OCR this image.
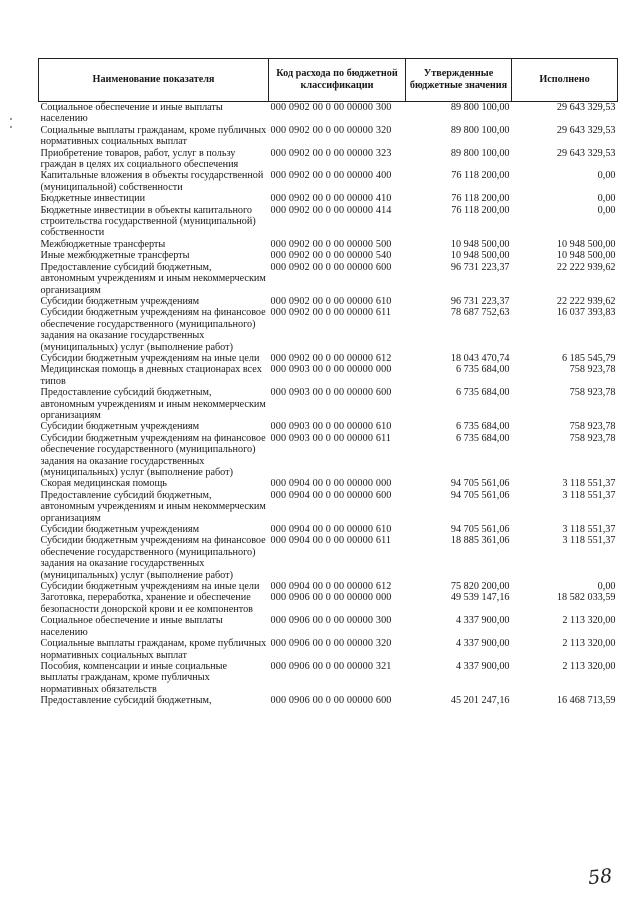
Наименование показателя	Код расхода по бюджетной классификации	Утвержденные бюджетные значения	Исполнено
Социальное обеспечение и иные выплаты населению	000 0902 00 0 00 00000 300	89 800 100,00	29 643 329,53
Социальные выплаты гражданам, кроме публичных нормативных социальных выплат	000 0902 00 0 00 00000 320	89 800 100,00	29 643 329,53
Приобретение товаров, работ, услуг в пользу граждан в целях их социального обеспечения	000 0902 00 0 00 00000 323	89 800 100,00	29 643 329,53
Капитальные вложения в объекты государственной (муниципальной) собственности	000 0902 00 0 00 00000 400	76 118 200,00	0,00
Бюджетные инвестиции	000 0902 00 0 00 00000 410	76 118 200,00	0,00
Бюджетные инвестиции в объекты капитального строительства государственной (муниципальной) собственности	000 0902 00 0 00 00000 414	76 118 200,00	0,00
Межбюджетные трансферты	000 0902 00 0 00 00000 500	10 948 500,00	10 948 500,00
Иные межбюджетные трансферты	000 0902 00 0 00 00000 540	10 948 500,00	10 948 500,00
Предоставление субсидий бюджетным, автономным учреждениям и иным некоммерческим организациям	000 0902 00 0 00 00000 600	96 731 223,37	22 222 939,62
Субсидии бюджетным учреждениям	000 0902 00 0 00 00000 610	96 731 223,37	22 222 939,62
Субсидии бюджетным учреждениям на финансовое обеспечение государственного (муниципального) задания на оказание государственных (муниципальных) услуг (выполнение работ)	000 0902 00 0 00 00000 611	78 687 752,63	16 037 393,83
Субсидии бюджетным учреждениям на иные цели	000 0902 00 0 00 00000 612	18 043 470,74	6 185 545,79
Медицинская помощь в дневных стационарах всех типов	000 0903 00 0 00 00000 000	6 735 684,00	758 923,78
Предоставление субсидий бюджетным, автономным учреждениям и иным некоммерческим организациям	000 0903 00 0 00 00000 600	6 735 684,00	758 923,78
Субсидии бюджетным учреждениям	000 0903 00 0 00 00000 610	6 735 684,00	758 923,78
Субсидии бюджетным учреждениям на финансовое обеспечение государственного (муниципального) задания на оказание государственных (муниципальных) услуг (выполнение работ)	000 0903 00 0 00 00000 611	6 735 684,00	758 923,78
Скорая медицинская помощь	000 0904 00 0 00 00000 000	94 705 561,06	3 118 551,37
Предоставление субсидий бюджетным, автономным учреждениям и иным некоммерческим организациям	000 0904 00 0 00 00000 600	94 705 561,06	3 118 551,37
Субсидии бюджетным учреждениям	000 0904 00 0 00 00000 610	94 705 561,06	3 118 551,37
Субсидии бюджетным учреждениям на финансовое обеспечение государственного (муниципального) задания на оказание государственных (муниципальных) услуг (выполнение работ)	000 0904 00 0 00 00000 611	18 885 361,06	3 118 551,37
Субсидии бюджетным учреждениям на иные цели	000 0904 00 0 00 00000 612	75 820 200,00	0,00
Заготовка, переработка, хранение и обеспечение безопасности донорской крови и ее компонентов	000 0906 00 0 00 00000 000	49 539 147,16	18 582 033,59
Социальное обеспечение и иные выплаты населению	000 0906 00 0 00 00000 300	4 337 900,00	2 113 320,00
Социальные выплаты гражданам, кроме публичных нормативных социальных выплат	000 0906 00 0 00 00000 320	4 337 900,00	2 113 320,00
Пособия, компенсации и иные социальные выплаты гражданам, кроме публичных нормативных обязательств	000 0906 00 0 00 00000 321	4 337 900,00	2 113 320,00
Предоставление субсидий бюджетным,	000 0906 00 0 00 00000 600	45 201 247,16	16 468 713,59
58
